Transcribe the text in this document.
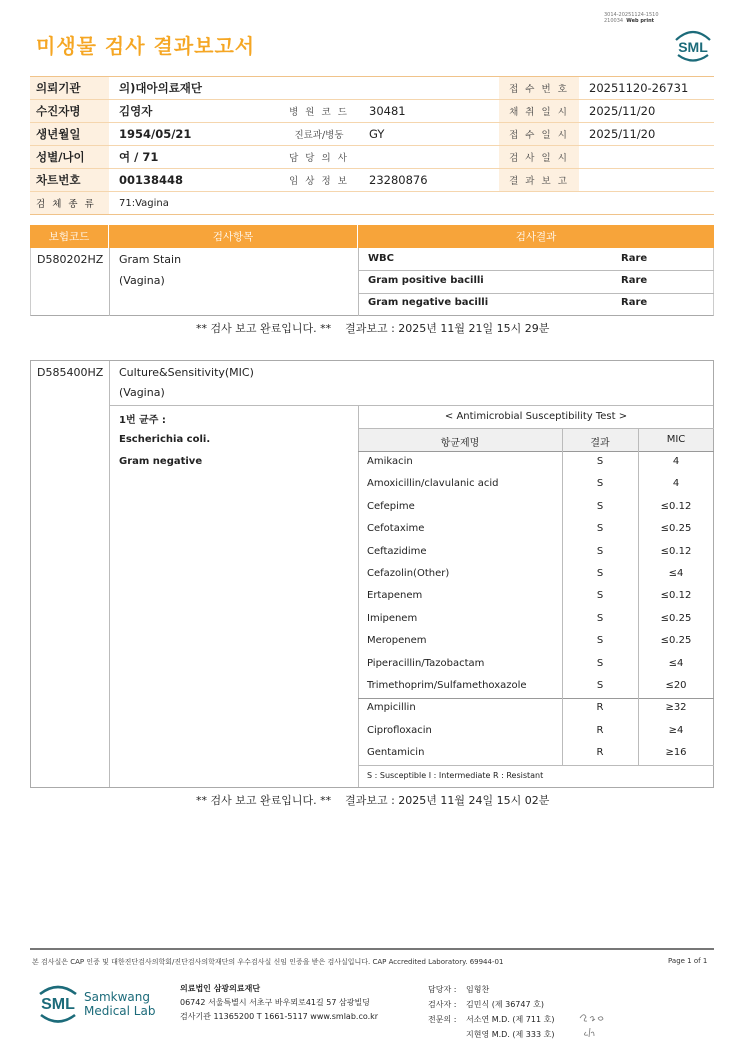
미생물 검사 결과보고서
3014-20251124-1510
210034 Web print
SML
의뢰기관	의)대아의료재단	접 수 번 호	20251120-26731
수진자명	김영자	병 원 코 드	30481	채 취 일 시	2025/11/20
생년월일	1954/05/21	진료과/병동	GY	접 수 일 시	2025/11/20
성별/나이	여 / 71	담 당 의 사	검 사 일 시
차트번호	00138448	임 상 정 보	23280876	결 과 보 고
검 체 종 류	71:Vagina
보험코드	검사항목	검사결과
D580202HZ Gram Stain
(Vagina)
WBC	Rare
Gram positive bacilli	Rare
Gram negative bacilli	Rare
** 검사 보고 완료입니다. **    결과보고 : 2025년 11월 21일 15시 29분
D585400HZ Culture&Sensitivity(MIC)
(Vagina)
1번 균주 :
Escherichia coli.
Gram negative
< Antimicrobial Susceptibility Test >
항균제명	결과	MIC
S : Susceptible I : Intermediate R : Resistant
Amikacin	S	4
Amoxicillin/clavulanic acid	S	4
Cefepime	S	≤0.12
Cefotaxime	S	≤0.25
Ceftazidime	S	≤0.12
Cefazolin(Other)	S	≤4
Ertapenem	S	≤0.12
Imipenem	S	≤0.25
Meropenem	S	≤0.25
Piperacillin/Tazobactam	S	≤4
Trimethoprim/Sulfamethoxazole	S	≤20
Ampicillin	R	≥32
Ciprofloxacin	R	≥4
Gentamicin	R	≥16
** 검사 보고 완료입니다. **    결과보고 : 2025년 11월 24일 15시 02분
본 검사실은 CAP 인증 및 대한진단검사의학회/진단검사의학재단의 우수검사실 신임 인증을 받은 검사실입니다. CAP Accredited Laboratory. 69944-01	Page 1 of 1
SML Samkwang
Medical Lab
의료법인 삼광의료재단
06742 서울특별시 서초구 바우뫼로41길 57 삼광빌딩
검사기관 11365200 T 1661-5117 www.smlab.co.kr
담당자 : 임형찬
검사자 : 김민식 (제 36747 호)
전문의 : 서소연 M.D. (제 711 호)
지현영 M.D. (제 333 호)
